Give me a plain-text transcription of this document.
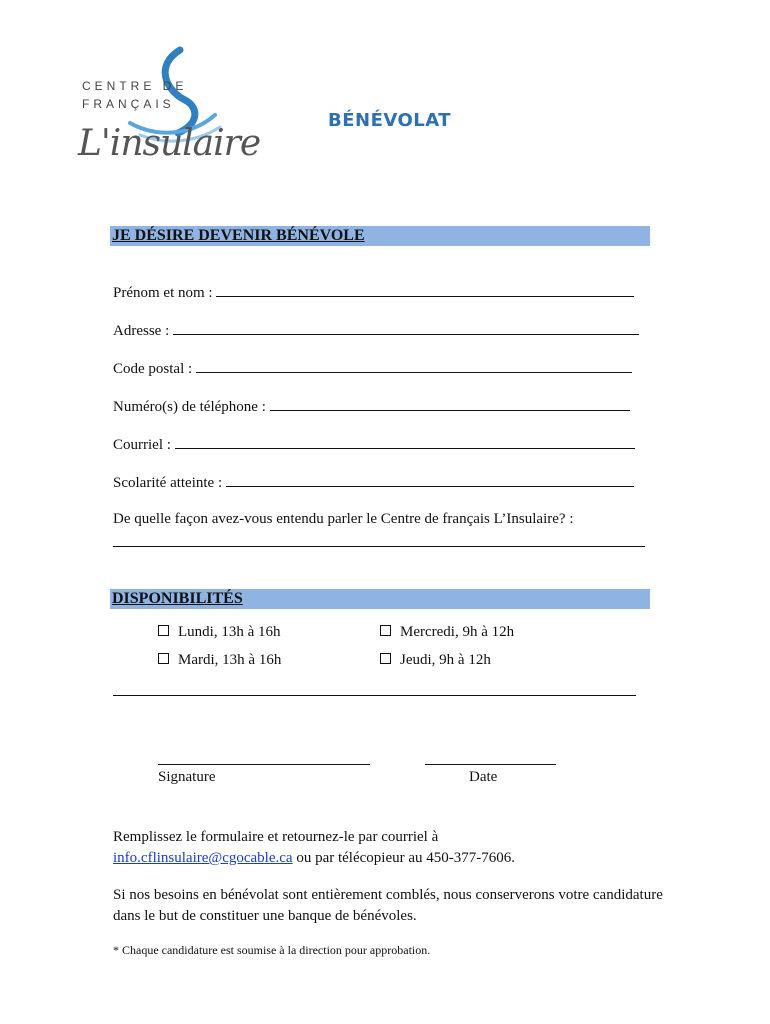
CENTRE DE
FRANÇAIS
L'insulaire
BÉNÉVOLAT
JE DÉSIRE DEVENIR BÉNÉVOLE
Prénom et nom :
Adresse :
Code postal :
Numéro(s) de téléphone :
Courriel :
Scolarité atteinte :
De quelle façon avez-vous entendu parler le Centre de français L’Insulaire? :
DISPONIBILITÉS
Lundi, 13h à 16h	Mercredi, 9h à 12h
Mardi, 13h à 16h	Jeudi, 9h à 12h
Signature	Date
Remplissez le formulaire et retournez-le par courriel à
info.cflinsulaire@cgocable.ca ou par télécopieur au 450-377-7606.
Si nos besoins en bénévolat sont entièrement comblés, nous conserverons votre candidature dans le but de constituer une banque de bénévoles.
* Chaque candidature est soumise à la direction pour approbation.
